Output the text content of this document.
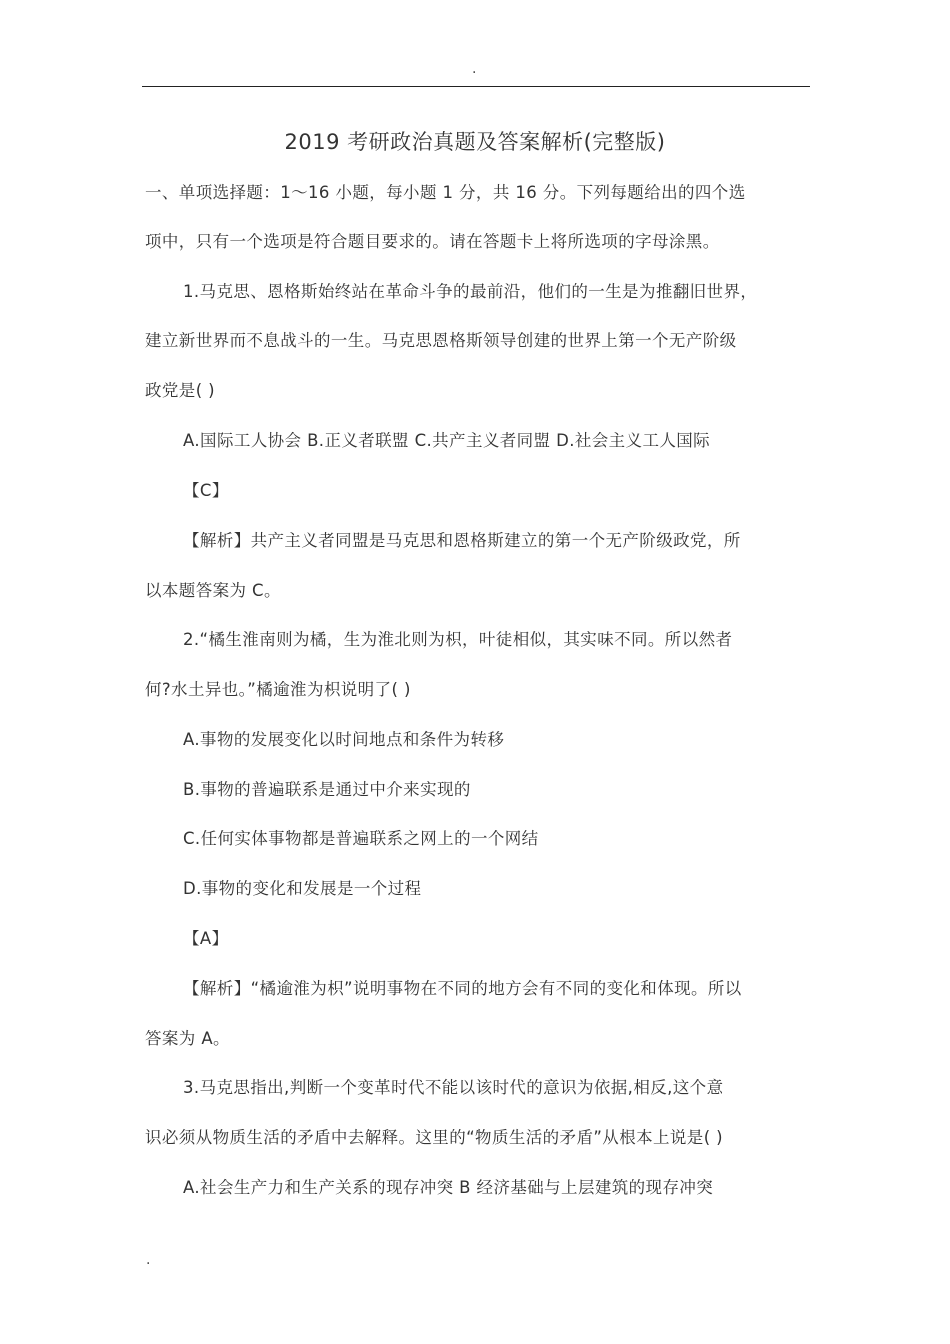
.
2019 考研政治真题及答案解析(完整版)
一、单项选择题：1～16 小题，每小题 1 分，共 16 分。下列每题给出的四个选
项中，只有一个选项是符合题目要求的。请在答题卡上将所选项的字母涂黑。
1.马克思、恩格斯始终站在革命斗争的最前沿，他们的一生是为推翻旧世界，
建立新世界而不息战斗的一生。马克思恩格斯领导创建的世界上第一个无产阶级
政党是( )
A.国际工人协会 B.正义者联盟 C.共产主义者同盟 D.社会主义工人国际
【C】
【解析】共产主义者同盟是马克思和恩格斯建立的第一个无产阶级政党，所
以本题答案为 C。
2.“橘生淮南则为橘，生为淮北则为枳，叶徒相似，其实味不同。所以然者
何?水土异也。”橘逾淮为枳说明了( )
A.事物的发展变化以时间地点和条件为转移
B.事物的普遍联系是通过中介来实现的
C.任何实体事物都是普遍联系之网上的一个网结
D.事物的变化和发展是一个过程
【A】
【解析】“橘逾淮为枳”说明事物在不同的地方会有不同的变化和体现。所以
答案为 A。
3.马克思指出,判断一个变革时代不能以该时代的意识为依据,相反,这个意
识必须从物质生活的矛盾中去解释。这里的“物质生活的矛盾”从根本上说是( )
A.社会生产力和生产关系的现存冲突 B 经济基础与上层建筑的现存冲突
.
